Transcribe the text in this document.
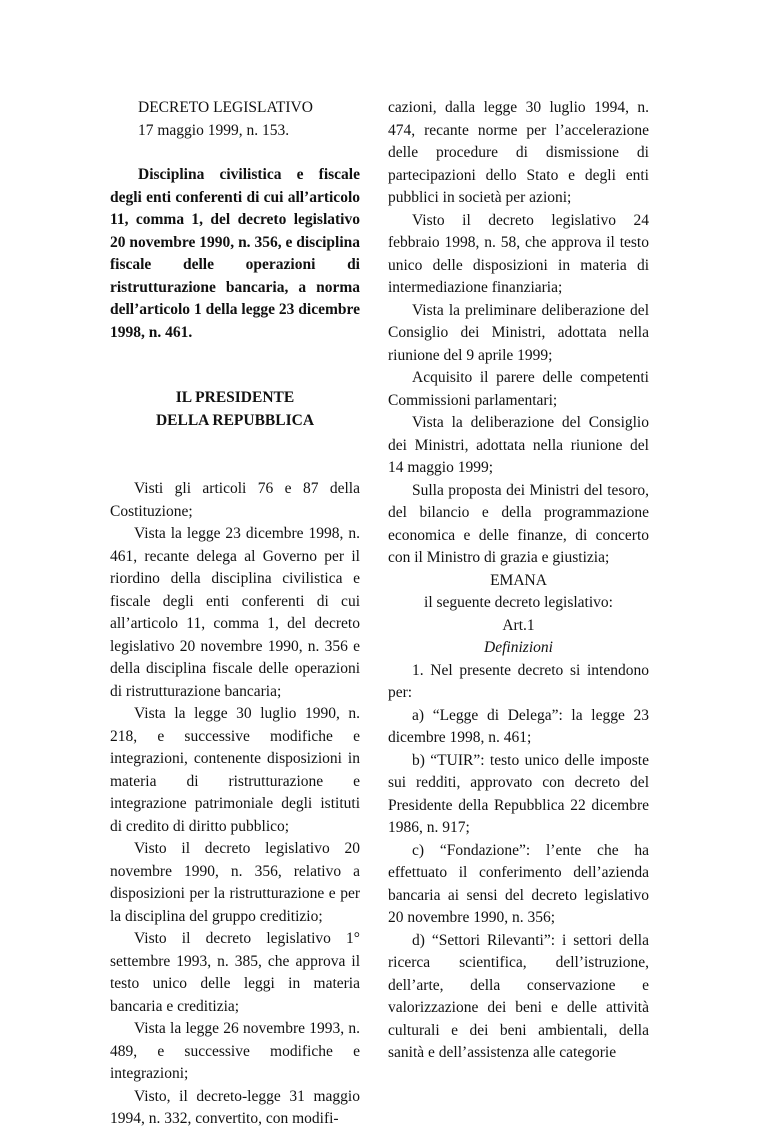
DECRETO LEGISLATIVO
17 maggio 1999, n. 153.

Disciplina civilistica e fiscale degli enti conferenti di cui all’articolo 11, comma 1, del decreto legislativo 20 novembre 1990, n. 356, e disciplina fiscale delle operazioni di ristrutturazione bancaria, a norma dell’articolo 1 della legge 23 dicembre 1998, n. 461.

IL PRESIDENTE
DELLA REPUBBLICA

Visti gli articoli 76 e 87 della Costituzione;

Vista la legge 23 dicembre 1998, n. 461, recante delega al Governo per il riordino della disciplina civilistica e fiscale degli enti conferenti di cui all’articolo 11, comma 1, del decreto legislativo 20 novembre 1990, n. 356 e della disciplina fiscale delle operazioni di ristrutturazione bancaria;

Vista la legge 30 luglio 1990, n. 218, e successive modifiche e integrazioni, contenente disposizioni in materia di ristrutturazione e integrazione patrimoniale degli istituti di credito di diritto pubblico;

Visto il decreto legislativo 20 novembre 1990, n. 356, relativo a disposizioni per la ristrutturazione e per la disciplina del gruppo creditizio;

Visto il decreto legislativo 1° settembre 1993, n. 385, che approva il testo unico delle leggi in materia bancaria e creditizia;

Vista la legge 26 novembre 1993, n. 489, e successive modifiche e integrazioni;

Visto, il decreto-legge 31 maggio 1994, n. 332, convertito, con modifi-

cazioni, dalla legge 30 luglio 1994, n. 474, recante norme per l’accelerazione delle procedure di dismissione di partecipazioni dello Stato e degli enti pubblici in società per azioni;

Visto il decreto legislativo 24 febbraio 1998, n. 58, che approva il testo unico delle disposizioni in materia di intermediazione finanziaria;

Vista la preliminare deliberazione del Consiglio dei Ministri, adottata nella riunione del 9 aprile 1999;

Acquisito il parere delle competenti Commissioni parlamentari;

Vista la deliberazione del Consiglio dei Ministri, adottata nella riunione del 14 maggio 1999;

Sulla proposta dei Ministri del tesoro, del bilancio e della programmazione economica e delle finanze, di concerto con il Ministro di grazia e giustizia;

EMANA

il seguente decreto legislativo:

Art.1

Definizioni

1. Nel presente decreto si intendono per:

a) “Legge di Delega”: la legge 23 dicembre 1998, n. 461;

b) “TUIR”: testo unico delle imposte sui redditi, approvato con decreto del Presidente della Repubblica 22 dicembre 1986, n. 917;

c) “Fondazione”: l’ente che ha effettuato il conferimento dell’azienda bancaria ai sensi del decreto legislativo 20 novembre 1990, n. 356;

d) “Settori Rilevanti”: i settori della ricerca scientifica, dell’istruzione, dell’arte, della conservazione e valorizzazione dei beni e delle attività culturali e dei beni ambientali, della sanità e dell’assistenza alle categorie
